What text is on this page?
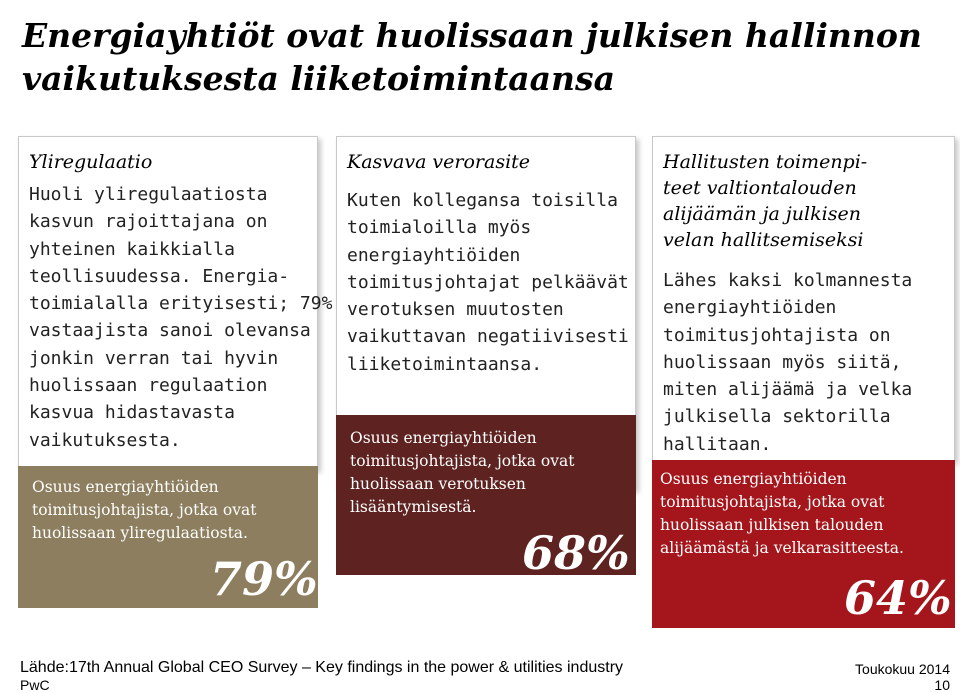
Energiayhtiöt ovat huolissaan julkisen hallinnon
vaikutuksesta liiketoimintaansa
Yliregulaatio
Huoli yliregulaatiosta
kasvun rajoittajana on
yhteinen kaikkialla
teollisuudessa. Energia-
toimialalla erityisesti; 79%
vastaajista sanoi olevansa
jonkin verran tai hyvin
huolissaan regulaation
kasvua hidastavasta
vaikutuksesta.
Osuus energiayhtiöiden
toimitusjohtajista, jotka ovat
huolissaan yliregulaatiosta.
79%
Kasvava verorasite
Kuten kollegansa toisilla
toimialoilla myös
energiayhtiöiden
toimitusjohtajat pelkäävät
verotuksen muutosten
vaikuttavan negatiivisesti
liiketoimintaansa.
Osuus energiayhtiöiden
toimitusjohtajista, jotka ovat
huolissaan verotuksen
lisääntymisestä.
68%
Hallitusten toimenpi-
teet valtiontalouden
alijäämän ja julkisen
velan hallitsemiseksi
Lähes kaksi kolmannesta
energiayhtiöiden
toimitusjohtajista on
huolissaan myös siitä,
miten alijäämä ja velka
julkisella sektorilla
hallitaan.
Osuus energiayhtiöiden
toimitusjohtajista, jotka ovat
huolissaan julkisen talouden
alijäämästä ja velkarasitteesta.
64%
Lähde:17th Annual Global CEO Survey – Key findings in the power & utilities industry
PwC
Toukokuu 2014
10
